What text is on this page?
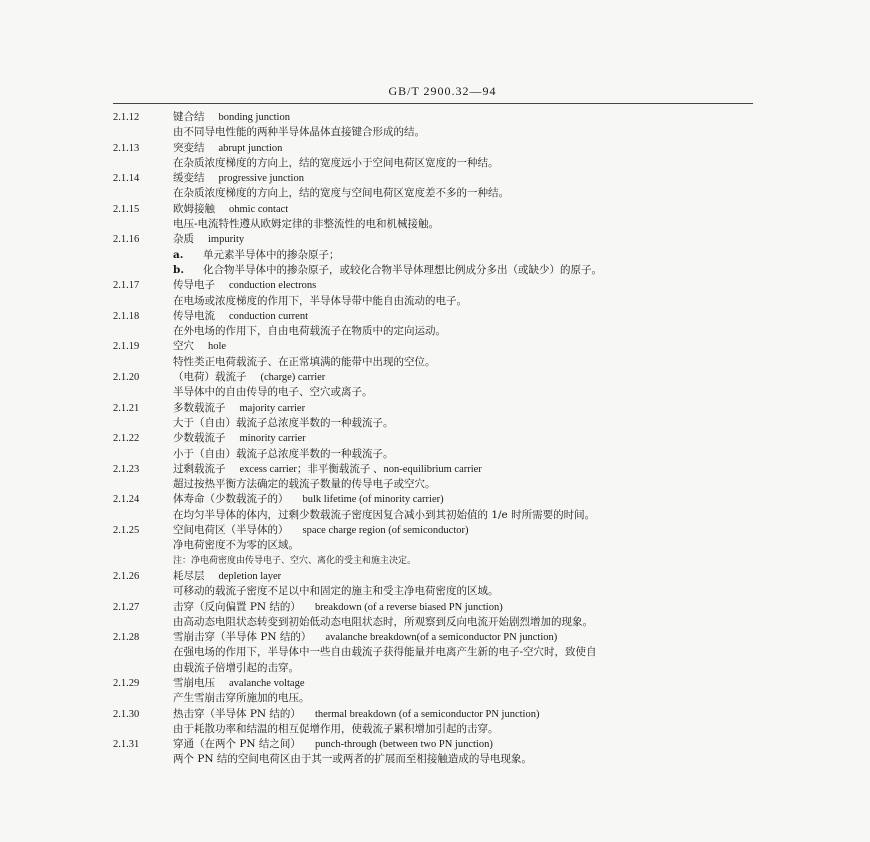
GB/T 2900.32—94
2.1.12	键合结 bonding junction
由不同导电性能的两种半导体晶体直接键合形成的结。
2.1.13	突变结 abrupt junction
在杂质浓度梯度的方向上，结的宽度远小于空间电荷区宽度的一种结。
2.1.14	缓变结 progressive junction
在杂质浓度梯度的方向上，结的宽度与空间电荷区宽度差不多的一种结。
2.1.15	欧姆接触 ohmic contact
电压-电流特性遵从欧姆定律的非整流性的电和机械接触。
2.1.16	杂质 impurity
a. 单元素半导体中的掺杂原子；
b. 化合物半导体中的掺杂原子，或较化合物半导体理想比例成分多出（或缺少）的原子。
2.1.17	传导电子 conduction electrons
在电场或浓度梯度的作用下，半导体导带中能自由流动的电子。
2.1.18	传导电流 conduction current
在外电场的作用下，自由电荷载流子在物质中的定向运动。
2.1.19	空穴 hole
特性类正电荷载流子、在正常填满的能带中出现的空位。
2.1.20	（电荷）载流子 (charge) carrier
半导体中的自由传导的电子、空穴或离子。
2.1.21	多数载流子 majority carrier
大于（自由）载流子总浓度半数的一种载流子。
2.1.22	少数载流子 minority carrier
小于（自由）载流子总浓度半数的一种载流子。
2.1.23	过剩载流子 excess carrier；非平衡载流子 、non-equilibrium carrier
超过按热平衡方法确定的载流子数量的传导电子或空穴。
2.1.24	体寿命（少数载流子的） bulk lifetime (of minority carrier)
在均匀半导体的体内，过剩少数载流子密度因复合减小到其初始值的 1/e 时所需要的时间。
2.1.25	空间电荷区（半导体的） space charge region (of semiconductor)
净电荷密度不为零的区域。
注：净电荷密度由传导电子、空穴、离化的受主和施主决定。
2.1.26	耗尽层 depletion layer
可移动的载流子密度不足以中和固定的施主和受主净电荷密度的区域。
2.1.27	击穿（反向偏置 PN 结的） breakdown (of a reverse biased PN junction)
由高动态电阻状态转变到初始低动态电阻状态时，所观察到反向电流开始剧烈增加的现象。
2.1.28	雪崩击穿（半导体 PN 结的） avalanche breakdown(of a semiconductor PN junction)
在强电场的作用下，半导体中一些自由载流子获得能量并电离产生新的电子-空穴时，致使自
由载流子倍增引起的击穿。
2.1.29	雪崩电压 avalanche voltage
产生雪崩击穿所施加的电压。
2.1.30	热击穿（半导体 PN 结的） thermal breakdown (of a semiconductor PN junction)
由于耗散功率和结温的相互促增作用，使载流子累积增加引起的击穿。
2.1.31	穿通（在两个 PN 结之间） punch-through (between two PN junction)
两个 PN 结的空间电荷区由于其一或两者的扩展而至相接触造成的导电现象。
